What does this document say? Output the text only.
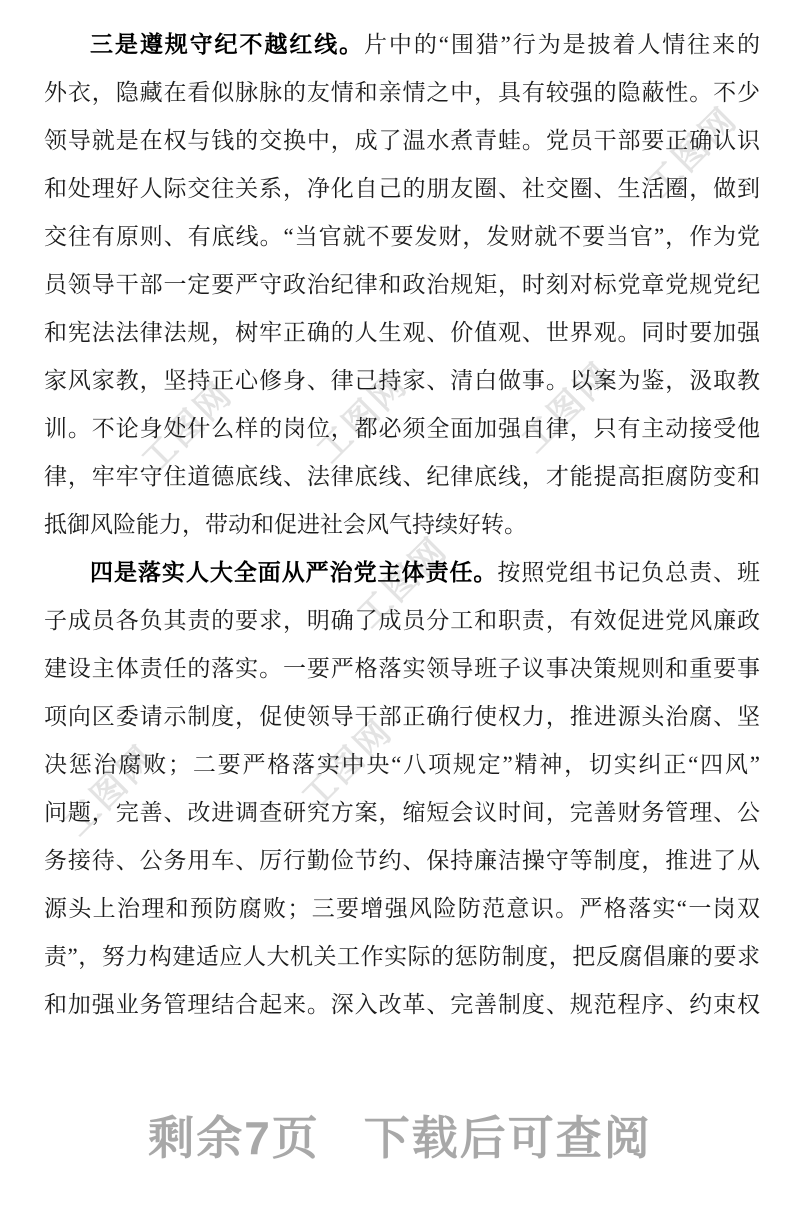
工图网 工图网	工图网
工图网
工图网	工图网
工图网
三是遵规守纪不越红线。片中的“围猎”行为是披着人情往来的
外衣，隐藏在看似脉脉的友情和亲情之中，具有较强的隐蔽性。不少
领导就是在权与钱的交换中，成了温水煮青蛙。党员干部要正确认识
和处理好人际交往关系，净化自己的朋友圈、社交圈、生活圈，做到
交往有原则、有底线。“当官就不要发财，发财就不要当官”，作为党
员领导干部一定要严守政治纪律和政治规矩，时刻对标党章党规党纪
和宪法法律法规，树牢正确的人生观、价值观、世界观。同时要加强
家风家教，坚持正心修身、律己持家、清白做事。以案为鉴，汲取教
训。不论身处什么样的岗位，都必须全面加强自律，只有主动接受他
律，牢牢守住道德底线、法律底线、纪律底线，才能提高拒腐防变和
抵御风险能力，带动和促进社会风气持续好转。
四是落实人大全面从严治党主体责任。按照党组书记负总责、班
子成员各负其责的要求，明确了成员分工和职责，有效促进党风廉政
建设主体责任的落实。一要严格落实领导班子议事决策规则和重要事
项向区委请示制度，促使领导干部正确行使权力，推进源头治腐、坚
决惩治腐败；二要严格落实中央“八项规定”精神，切实纠正“四风”
问题，完善、改进调查研究方案，缩短会议时间，完善财务管理、公
务接待、公务用车、厉行勤俭节约、保持廉洁操守等制度，推进了从
源头上治理和预防腐败；三要增强风险防范意识。严格落实“一岗双
责”，努力构建适应人大机关工作实际的惩防制度，把反腐倡廉的要求
和加强业务管理结合起来。深入改革、完善制度、规范程序、约束权
剩余7页 下载后可查阅
